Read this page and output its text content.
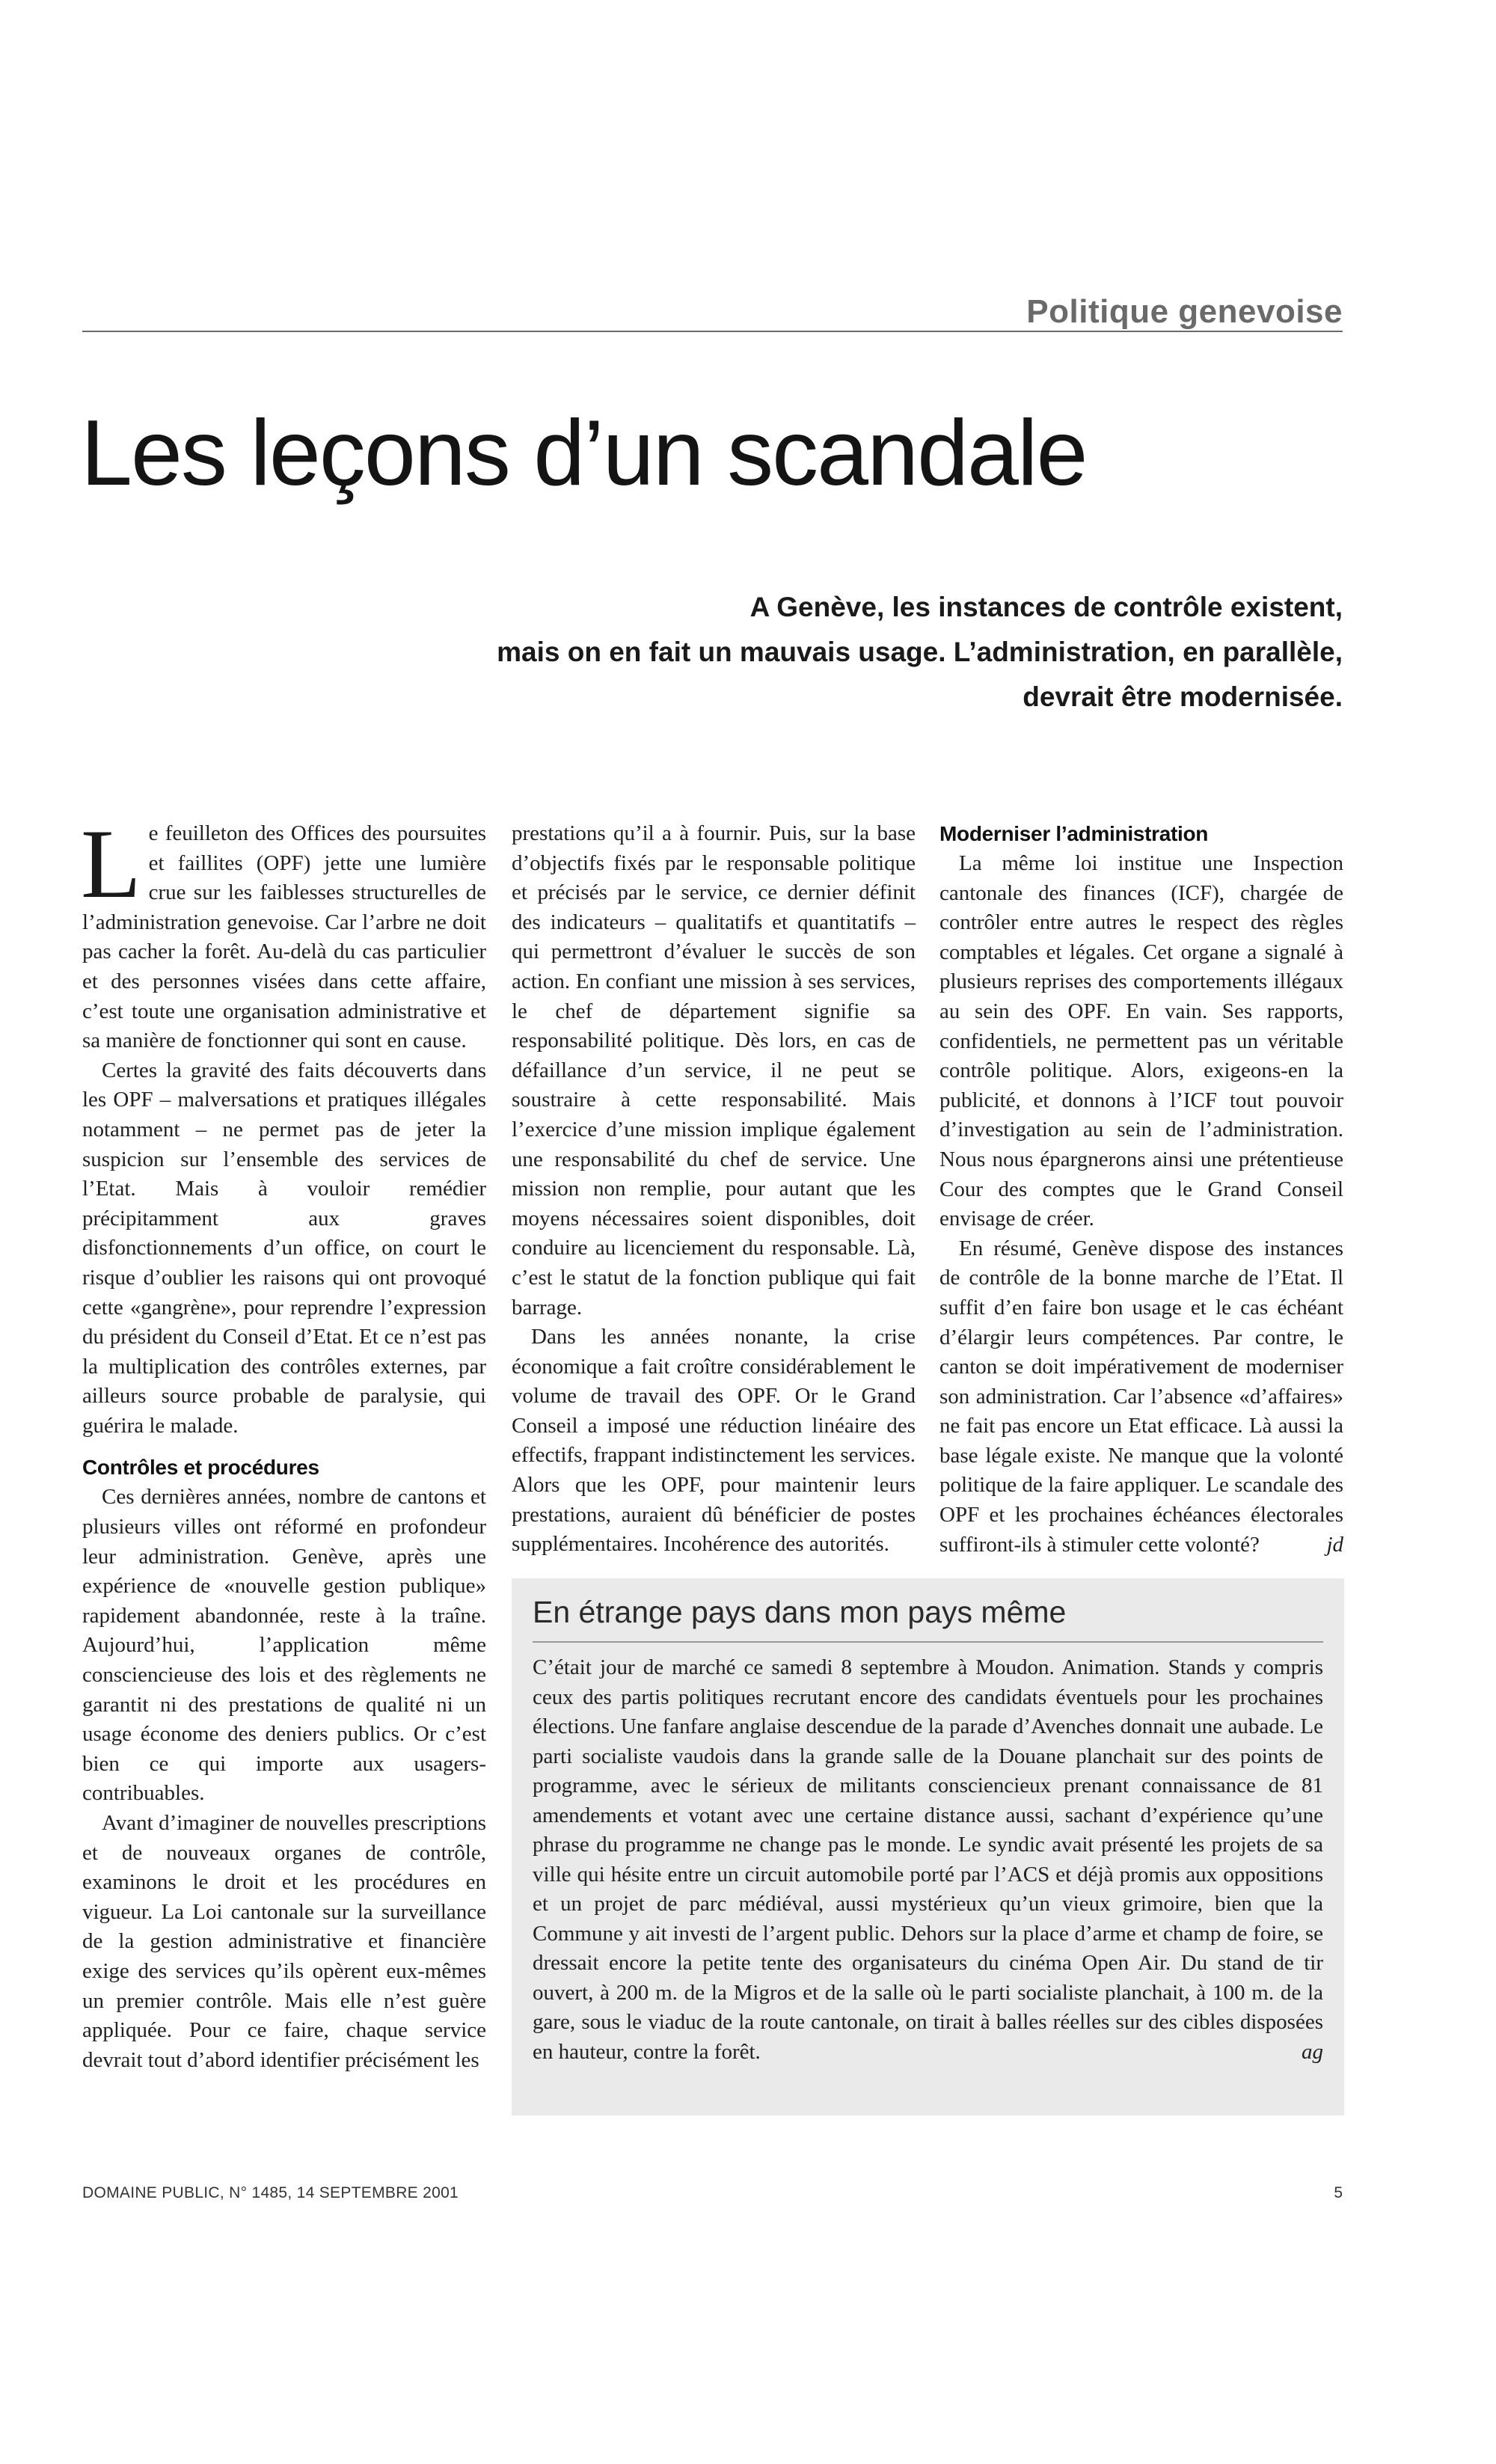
Politique genevoise
Les leçons d’un scandale
A Genève, les instances de contrôle existent,
mais on en fait un mauvais usage. L’administration, en parallèle,
devrait être modernisée.

Le feuilleton des Offices des poursuites et faillites (OPF) jette une lumière crue sur les faiblesses structurelles de l’administration genevoise. Car l’arbre ne doit pas cacher la forêt. Au-delà du cas particulier et des personnes visées dans cette affaire, c’est toute une organisation administrative et sa manière de fonctionner qui sont en cause.

Certes la gravité des faits découverts dans les OPF – malversations et pratiques illégales notamment – ne permet pas de jeter la suspicion sur l’ensemble des services de l’Etat. Mais à vouloir remédier précipitamment aux graves disfonctionnements d’un office, on court le risque d’oublier les raisons qui ont provoqué cette «gangrène», pour reprendre l’expression du président du Conseil d’Etat. Et ce n’est pas la multiplication des contrôles externes, par ailleurs source probable de paralysie, qui guérira le malade.

Contrôles et procédures

Ces dernières années, nombre de cantons et plusieurs villes ont réformé en profondeur leur administration. Genève, après une expérience de «nouvelle gestion publique» rapidement abandonnée, reste à la traîne. Aujourd’hui, l’application même consciencieuse des lois et des règlements ne garantit ni des prestations de qualité ni un usage économe des deniers publics. Or c’est bien ce qui importe aux usagers-contribuables.

Avant d’imaginer de nouvelles prescriptions et de nouveaux organes de contrôle, examinons le droit et les procédures en vigueur. La Loi cantonale sur la surveillance de la gestion administrative et financière exige des services qu’ils opèrent eux-mêmes un premier contrôle. Mais elle n’est guère appliquée. Pour ce faire, chaque service devrait tout d’abord identifier précisément les

prestations qu’il a à fournir. Puis, sur la base d’objectifs fixés par le responsable politique et précisés par le service, ce dernier définit des indicateurs – qualitatifs et quantitatifs – qui permettront d’évaluer le succès de son action. En confiant une mission à ses services, le chef de département signifie sa responsabilité politique. Dès lors, en cas de défaillance d’un service, il ne peut se soustraire à cette responsabilité. Mais l’exercice d’une mission implique également une responsabilité du chef de service. Une mission non remplie, pour autant que les moyens nécessaires soient disponibles, doit conduire au licenciement du responsable. Là, c’est le statut de la fonction publique qui fait barrage.

Dans les années nonante, la crise économique a fait croître considérablement le volume de travail des OPF. Or le Grand Conseil a imposé une réduction linéaire des effectifs, frappant indistinctement les services. Alors que les OPF, pour maintenir leurs prestations, auraient dû bénéficier de postes supplémentaires. Incohérence des autorités.

Moderniser l’administration

La même loi institue une Inspection cantonale des finances (ICF), chargée de contrôler entre autres le respect des règles comptables et légales. Cet organe a signalé à plusieurs reprises des comportements illégaux au sein des OPF. En vain. Ses rapports, confidentiels, ne permettent pas un véritable contrôle politique. Alors, exigeons-en la publicité, et donnons à l’ICF tout pouvoir d’investigation au sein de l’administration. Nous nous épargnerons ainsi une prétentieuse Cour des comptes que le Grand Conseil envisage de créer.

En résumé, Genève dispose des instances de contrôle de la bonne marche de l’Etat. Il suffit d’en faire bon usage et le cas échéant d’élargir leurs compétences. Par contre, le canton se doit impérativement de moderniser son administration. Car l’absence «d’affaires» ne fait pas encore un Etat efficace. Là aussi la base légale existe. Ne manque que la volonté politique de la faire appliquer. Le scandale des OPF et les prochaines échéances électorales suffiront-ils à stimuler cette volonté?	jd

En étrange pays dans mon pays même

C’était jour de marché ce samedi 8 septembre à Moudon. Animation. Stands y compris ceux des partis politiques recrutant encore des candidats éventuels pour les prochaines élections. Une fanfare anglaise descendue de la parade d’Avenches donnait une aubade. Le parti socialiste vaudois dans la grande salle de la Douane planchait sur des points de programme, avec le sérieux de militants consciencieux prenant connaissance de 81 amendements et votant avec une certaine distance aussi, sachant d’expérience qu’une phrase du programme ne change pas le monde. Le syndic avait présenté les projets de sa ville qui hésite entre un circuit automobile porté par l’ACS et déjà promis aux oppositions et un projet de parc médiéval, aussi mystérieux qu’un vieux grimoire, bien que la Commune y ait investi de l’argent public. Dehors sur la place d’arme et champ de foire, se dressait encore la petite tente des organisateurs du cinéma Open Air. Du stand de tir ouvert, à 200 m. de la Migros et de la salle où le parti socialiste planchait, à 100 m. de la gare, sous le viaduc de la route cantonale, on tirait à balles réelles sur des cibles disposées en hauteur, contre la forêt.	ag

DOMAINE PUBLIC, N° 1485, 14 SEPTEMBRE 2001	5
